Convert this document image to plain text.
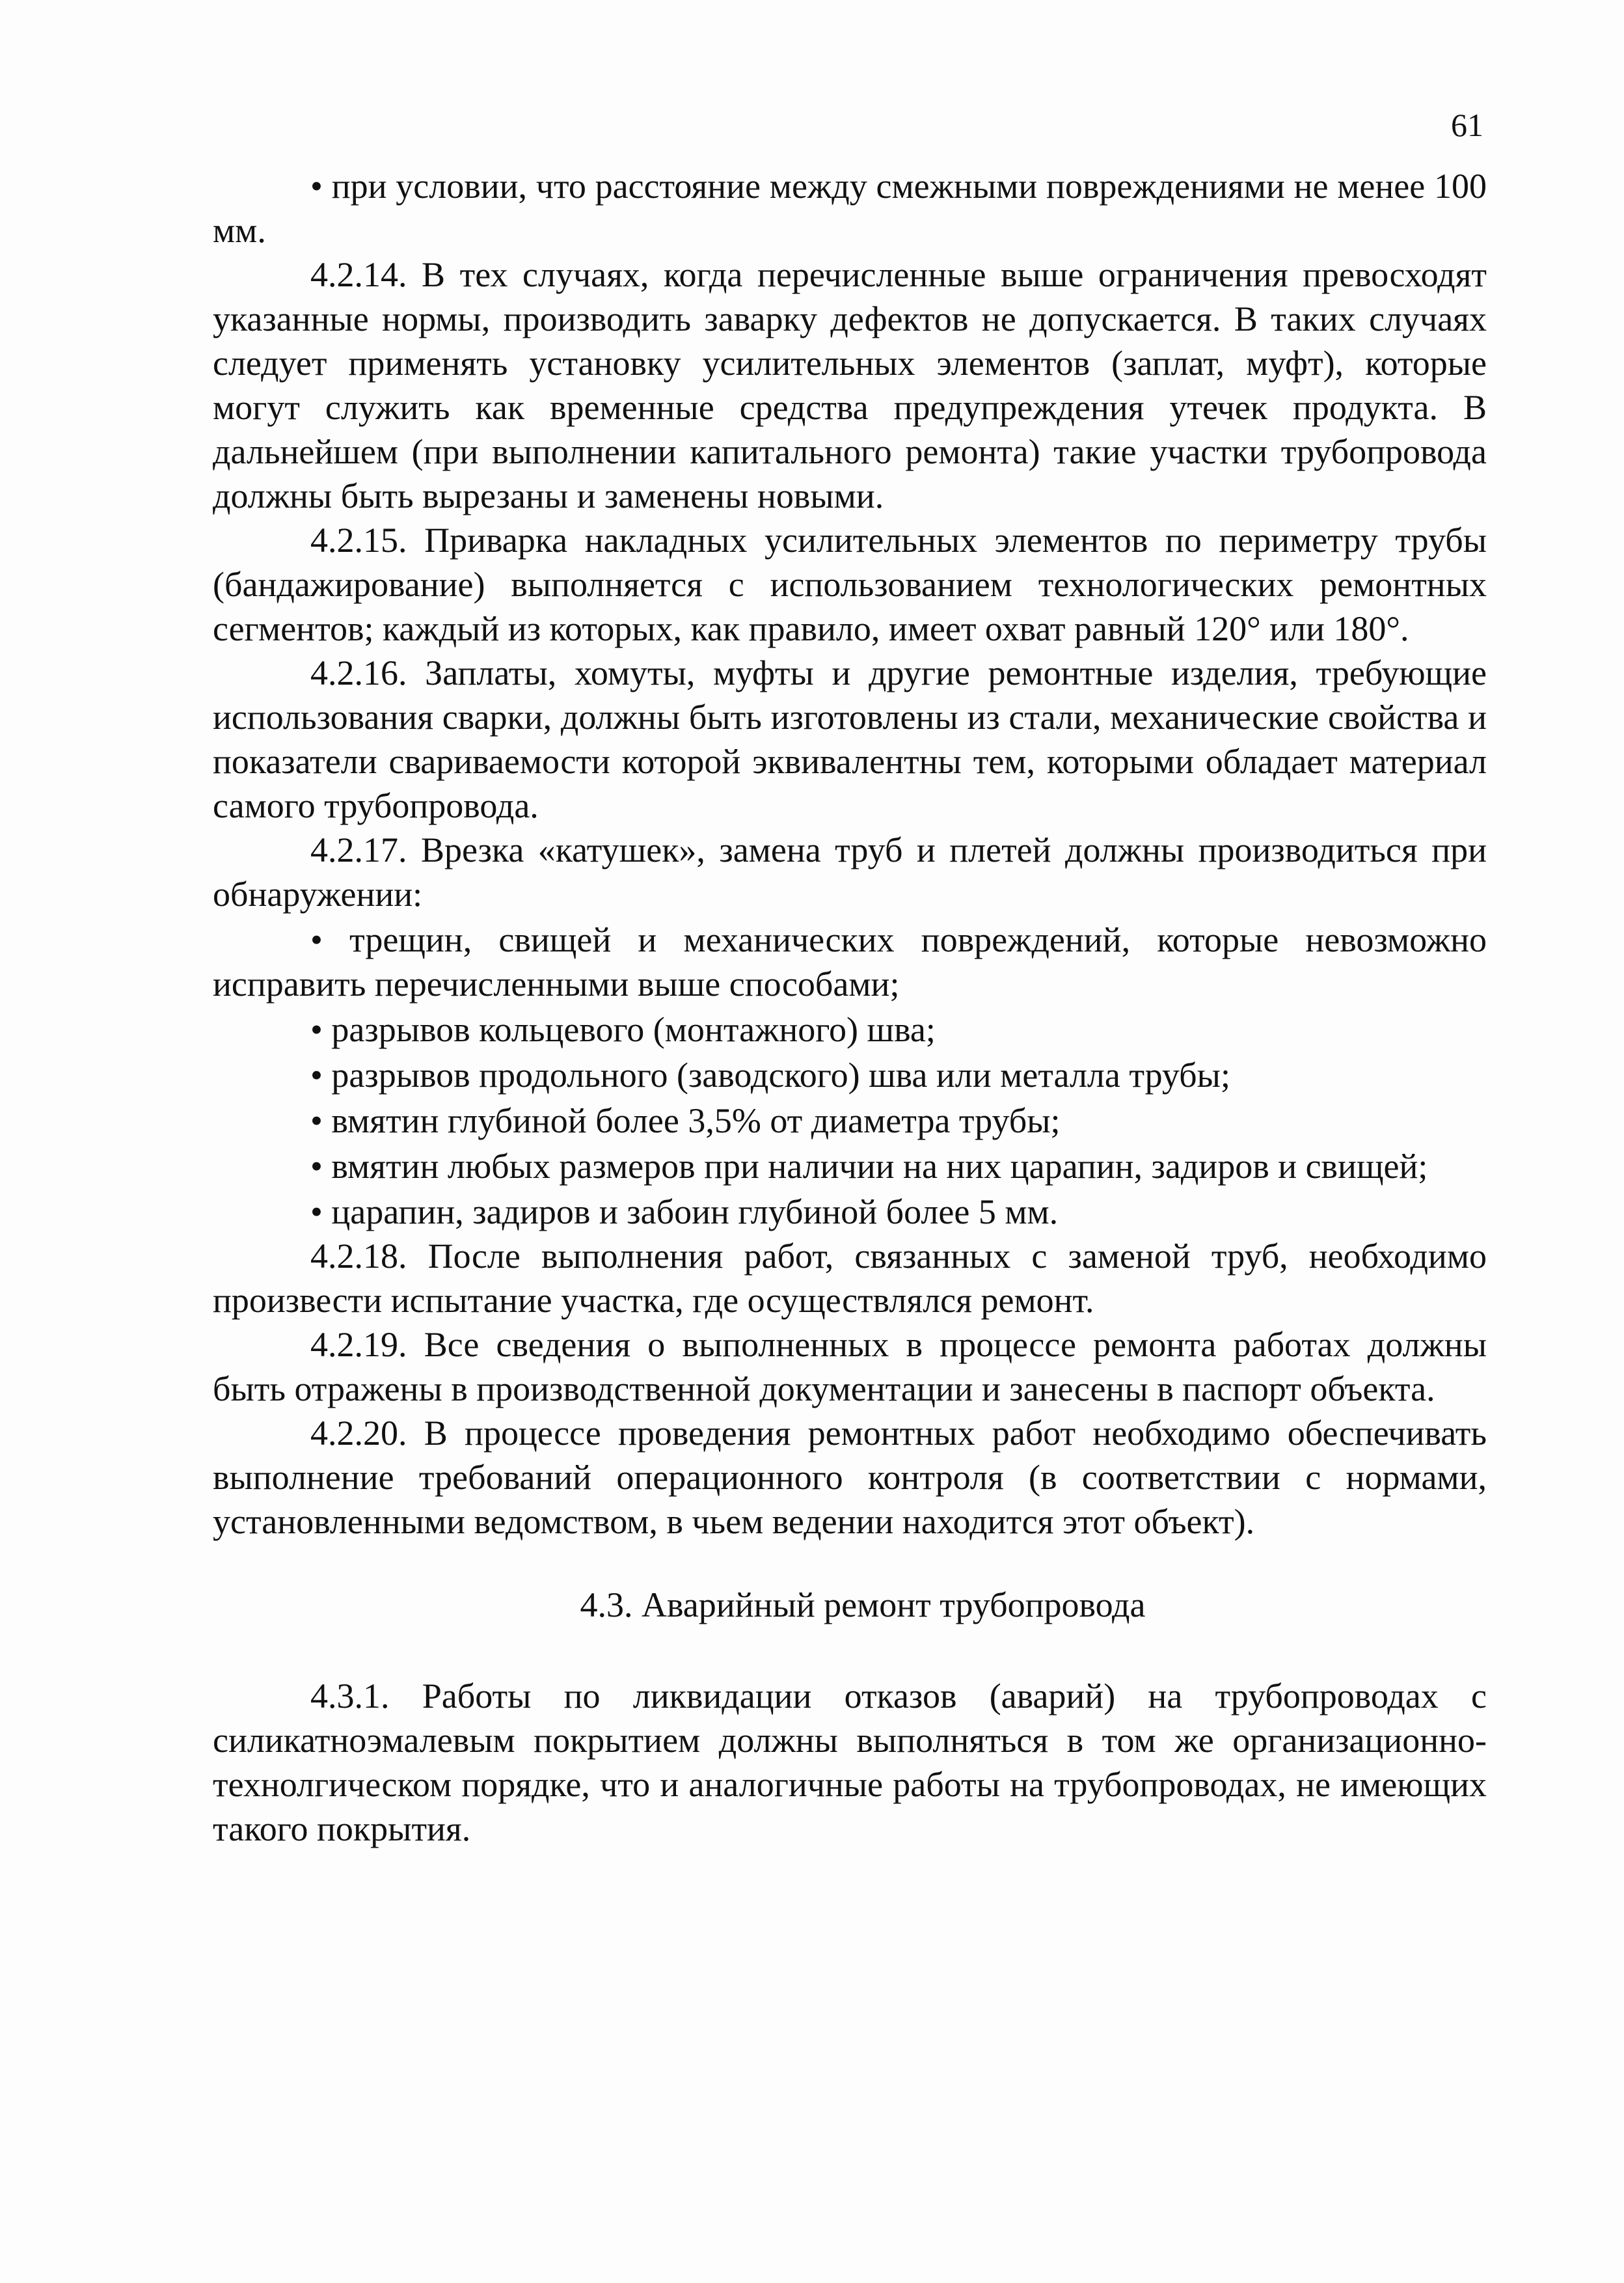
61

• при условии, что расстояние между смежными повреждениями не менее 100 мм.

4.2.14. В тех случаях, когда перечисленные выше ограничения превосходят указанные нормы, производить заварку дефектов не допускается. В таких случаях следует применять установку усилительных элементов (заплат, муфт), которые могут служить как временные средства предупреждения утечек продукта. В дальнейшем (при выполнении капитального ремонта) такие участки трубопровода должны быть вырезаны и заменены новыми.

4.2.15. Приварка накладных усилительных элементов по периметру трубы (бандажирование) выполняется с использованием технологических ремонтных сегментов; каждый из которых, как правило, имеет охват равный 120° или 180°.

4.2.16. Заплаты, хомуты, муфты и другие ремонтные изделия, требующие использования сварки, должны быть изготовлены из стали, механические свойства и показатели свариваемости которой эквивалентны тем, которыми обладает материал самого трубопровода.

4.2.17. Врезка «катушек», замена труб и плетей должны производиться при обнаружении:

• трещин, свищей и механических повреждений, которые невозможно исправить перечисленными выше способами;

• разрывов кольцевого (монтажного) шва;

• разрывов продольного (заводского) шва или металла трубы;

• вмятин глубиной более 3,5% от диаметра трубы;

• вмятин любых размеров при наличии на них царапин, задиров и свищей;

• царапин, задиров и забоин глубиной более 5 мм.

4.2.18. После выполнения работ, связанных с заменой труб, необходимо произвести испытание участка, где осуществлялся ремонт.

4.2.19. Все сведения о выполненных в процессе ремонта работах должны быть отражены в производственной документации и занесены в паспорт объекта.

4.2.20. В процессе проведения ремонтных работ необходимо обеспечивать выполнение требований операционного контроля (в соответствии с нормами, установленными ведомством, в чьем ведении находится этот объект).

4.3. Аварийный ремонт трубопровода

4.3.1. Работы по ликвидации отказов (аварий) на трубопроводах с силикатноэмалевым покрытием должны выполняться в том же организационно-технолгическом порядке, что и аналогичные работы на трубопроводах, не имеющих такого покрытия.
